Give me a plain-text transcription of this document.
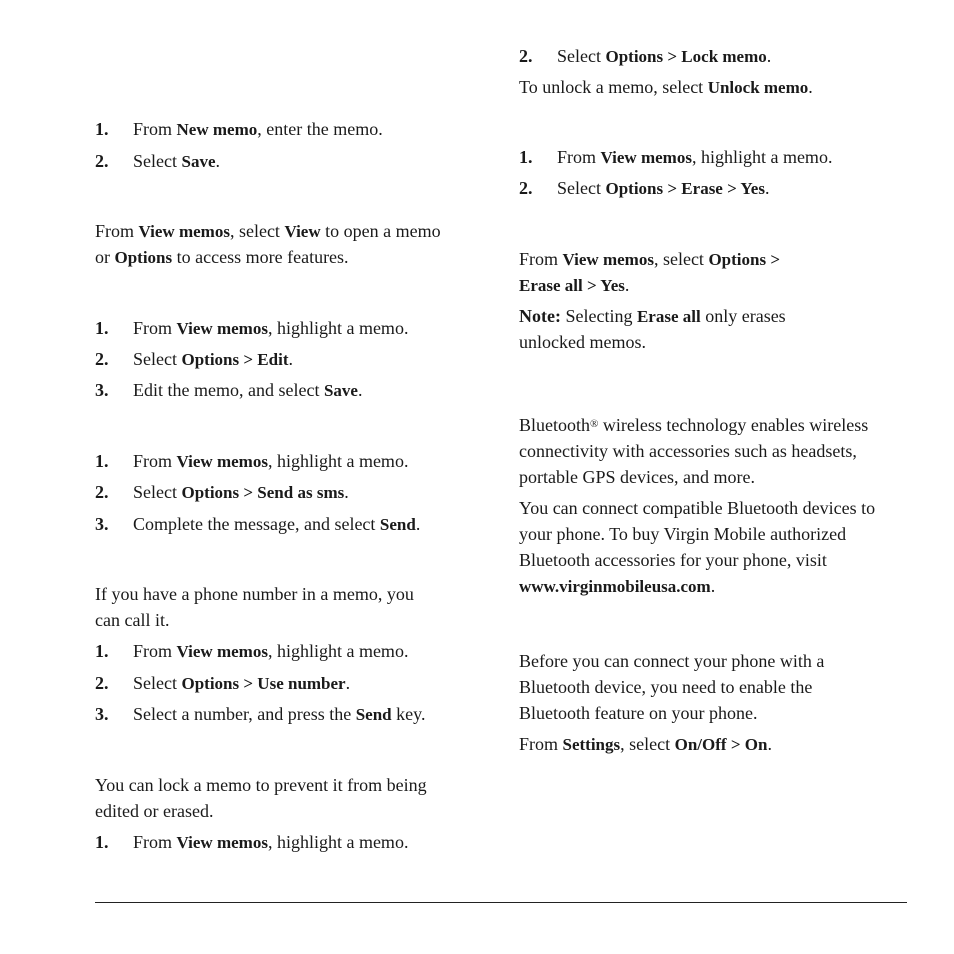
1. From New memo, enter the memo.
2. Select Save.
From View memos, select View to open a memo
or Options to access more features.
1. From View memos, highlight a memo.
2. Select Options > Edit.
3. Edit the memo, and select Save.
1. From View memos, highlight a memo.
2. Select Options > Send as sms.
3. Complete the message, and select Send.
If you have a phone number in a memo, you
can call it.
1. From View memos, highlight a memo.
2. Select Options > Use number.
3. Select a number, and press the Send key.
You can lock a memo to prevent it from being
edited or erased.
1. From View memos, highlight a memo.
2. Select Options > Lock memo.
To unlock a memo, select Unlock memo.
1. From View memos, highlight a memo.
2. Select Options > Erase > Yes.
From View memos, select Options >
Erase all > Yes.
Note: Selecting Erase all only erases
unlocked memos.
Bluetooth® wireless technology enables wireless
connectivity with accessories such as headsets,
portable GPS devices, and more.
You can connect compatible Bluetooth devices to
your phone. To buy Virgin Mobile authorized
Bluetooth accessories for your phone, visit
www.virginmobileusa.com.
Before you can connect your phone with a
Bluetooth device, you need to enable the
Bluetooth feature on your phone.
From Settings, select On/Off > On.
